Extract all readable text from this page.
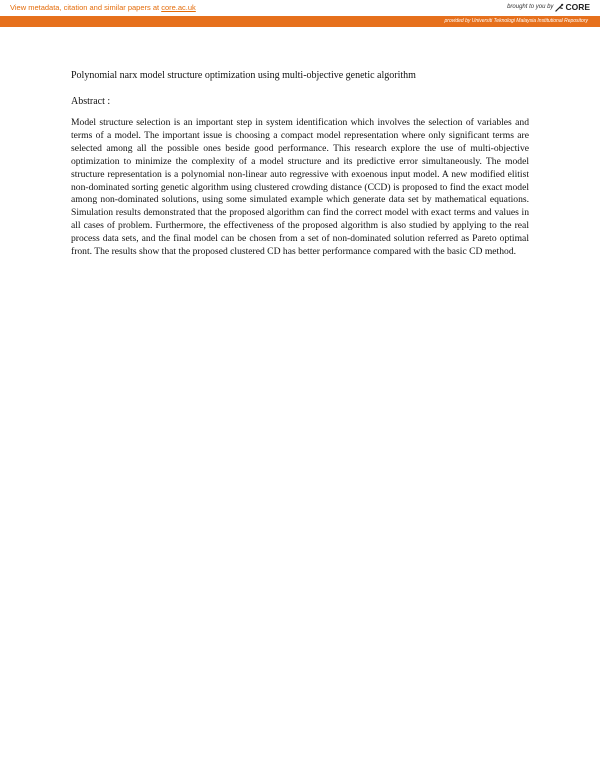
View metadata, citation and similar papers at core.ac.uk	brought to you by CORE
provided by Universiti Teknologi Malaysia Institutional Repository
Polynomial narx model structure optimization using multi-objective genetic algorithm
Abstract :

Model structure selection is an important step in system identification which involves the selection of variables and terms of a model. The important issue is choosing a compact model representation where only significant terms are selected among all the possible ones beside good performance. This research explore the use of multi-objective optimization to minimize the complexity of a model structure and its predictive error simultaneously. The model structure representation is a polynomial non-linear auto regressive with exoenous input model. A new modified elitist non-dominated sorting genetic algorithm using clustered crowding distance (CCD) is proposed to find the exact model among non-dominated solutions, using some simulated example which generate data set by mathematical equations. Simulation results demonstrated that the proposed algorithm can find the correct model with exact terms and values in all cases of problem. Furthermore, the effectiveness of the proposed algorithm is also studied by applying to the real process data sets, and the final model can be chosen from a set of non-dominated solution referred as Pareto optimal front. The results show that the proposed clustered CD has better performance compared with the basic CD method.
